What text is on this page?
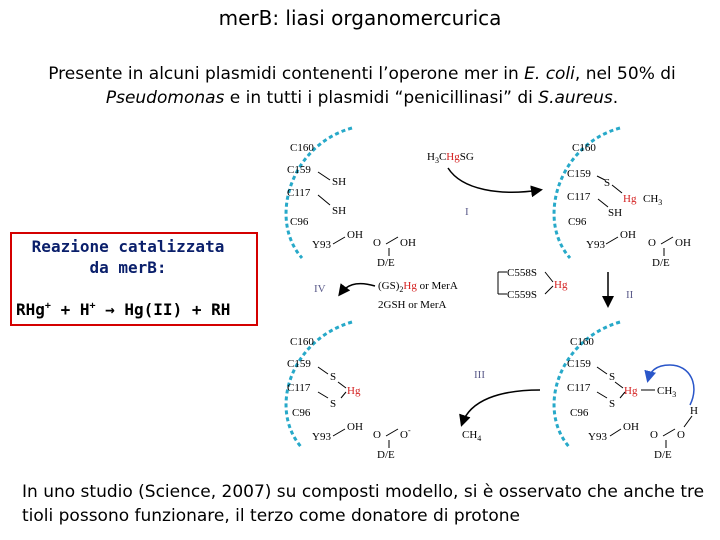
merB: liasi organomercurica
Presente in alcuni plasmidi contenenti l’operone mer in E. coli, nel 50% di
Pseudomonas e in tutti i plasmidi “penicillinasi” di S.aureus.
C160
C159
C117
C96
Y93
SH
SH
OH
O OH
D/E
$H_3CHgSG$
I
C160
C159
C117
C96
Y93
S
Hg $CH_3$
SH
OH
O OH
D/E
II
$(GS)_2Hg$ or MerA
2GSH or MerA
C558S
C559S
Hg
IV
C160
C159
C117
C96
Y93
S
Hg
S
OH
O O-
D/E
III
$CH_4$
C160
C159
C117
C96
Y93
S
Hg $CH_3$
S
H
OH
O O
D/E
Reazione catalizzata
da merB:
RHg+ + H+ → Hg(II) + RH
In uno studio (Science, 2007) su composti modello, si è osservato che anche tre tioli possono funzionare, il terzo come donatore di protone
